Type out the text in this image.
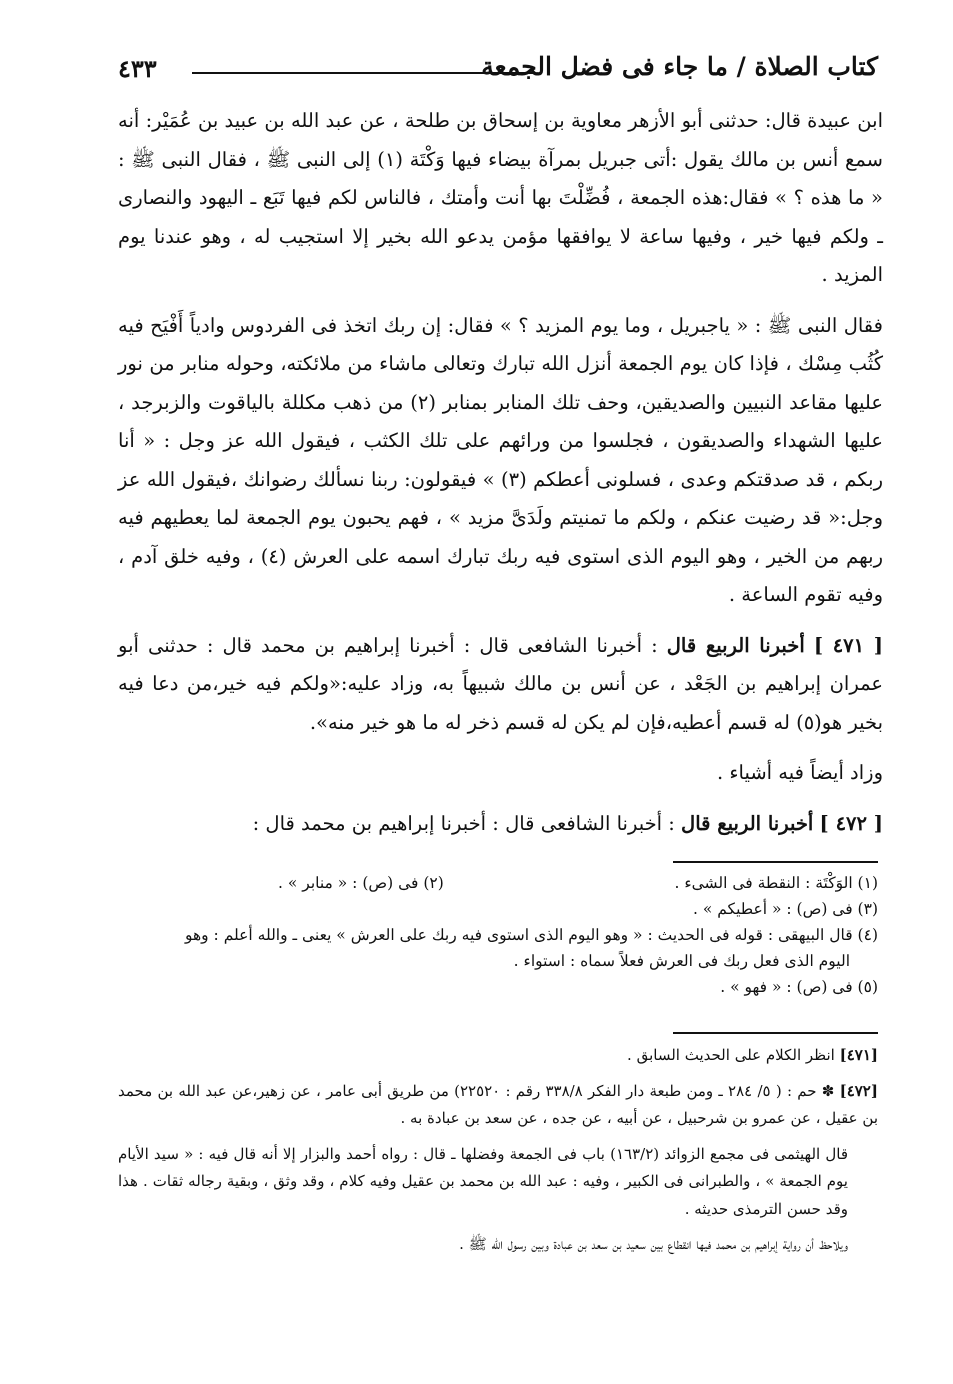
كتاب الصلاة / ما جاء فى فضل الجمعة
٤٣٣

ابن عبيدة قال: حدثنى أبو الأزهر معاوية بن إسحاق بن طلحة ، عن عبد الله بن عبيد بن عُمَيْر: أنه سمع أنس بن مالك يقول :أتى جبريل بمرآة بيضاء فيها وَكْتَة (١) إلى النبى ﷺ ، فقال النبى ﷺ : « ما هذه ؟ » فقال:هذه الجمعة ، فُضِّلْتَ بها أنت وأمتك ، فالناس لكم فيها تَبَع ـ اليهود والنصارى ـ ولكم فيها خير ، وفيها ساعة لا يوافقها مؤمن يدعو الله بخير إلا استجيب له ، وهو عندنا يوم المزيد .

فقال النبى ﷺ : « ياجبريل ، وما يوم المزيد ؟ » فقال: إن ربك اتخذ فى الفردوس وادياً أَفْيَح فيه كُثُب مِسْك ، فإذا كان يوم الجمعة أنزل الله تبارك وتعالى ماشاء من ملائكته، وحوله منابر من نور عليها مقاعد النبيين والصديقين، وحف تلك المنابر بمنابر (٢) من ذهب مكللة بالياقوت والزبرجد ، عليها الشهداء والصديقون ، فجلسوا من ورائهم على تلك الكثب ، فيقول الله عز وجل : « أنا ربكم ، قد صدقتكم وعدى ، فسلونى أعطكم (٣) » فيقولون: ربنا نسألك رضوانك ،فيقول الله عز وجل:« قد رضيت عنكم ، ولكم ما تمنيتم ولَدَىَّ مزيد » ، فهم يحبون يوم الجمعة لما يعطيهم فيه ربهم من الخير ، وهو اليوم الذى استوى فيه ربك تبارك اسمه على العرش (٤) ، وفيه خلق آدم ، وفيه تقوم الساعة .

[ ٤٧١ ] أخبرنا الربيع قال : أخبرنا الشافعى قال : أخبرنا إبراهيم بن محمد قال : حدثنى أبو عمران إبراهيم بن الجَعْد ، عن أنس بن مالك شبيهاً به، وزاد عليه:«ولكم فيه خير،من دعا فيه بخير هو(٥) له قسم أعطيه،فإن لم يكن له قسم ذخر له ما هو خير منه».

وزاد أيضاً فيه أشياء .

[ ٤٧٢ ] أخبرنا الربيع قال : أخبرنا الشافعى قال : أخبرنا إبراهيم بن محمد قال :

(١) الوَكْتَة : النقطة فى الشىء .
(٢) فى (ص) : « منابر » .

(٣) فى (ص) : « أعطيكم » .

(٤) قال البيهقى : قوله فى الحديث : « وهو اليوم الذى استوى فيه ربك على العرش » يعنى ـ والله أعلم : وهو

اليوم الذى فعل ربك فى العرش فعلاً سماه : استواء .

(٥) فى (ص) : « فهو » .

[٤٧١] انظر الكلام على الحديث السابق .

[٤٧٢] ✽ حم : ( ٥/ ٢٨٤ ـ ومن طبعة دار الفكر ٣٣٨/٨ رقم : ٢٢٥٢٠) من طريق أبى عامر ، عن زهير،عن عبد الله بن محمد بن عقيل ، عن عمرو بن شرحبيل ، عن أبيه ، عن جده ، عن سعد بن عبادة به .

قال الهيثمى فى مجمع الزوائد (١٦٣/٢) باب فى الجمعة وفضلها ـ قال : رواه أحمد والبزار إلا أنه قال فيه : « سيد الأيام يوم الجمعة » ، والطبرانى فى الكبير ، وفيه : عبد الله بن محمد بن عقيل وفيه كلام ، وقد وثق ، وبقية رجاله ثقات . هذا وقد حسن الترمذى حديثه .

ويلاحظ أن رواية إبراهيم بن محمد فيها انقطاع بين سعيد بن سعد بن عبادة وبين رسول الله ﷺ .
